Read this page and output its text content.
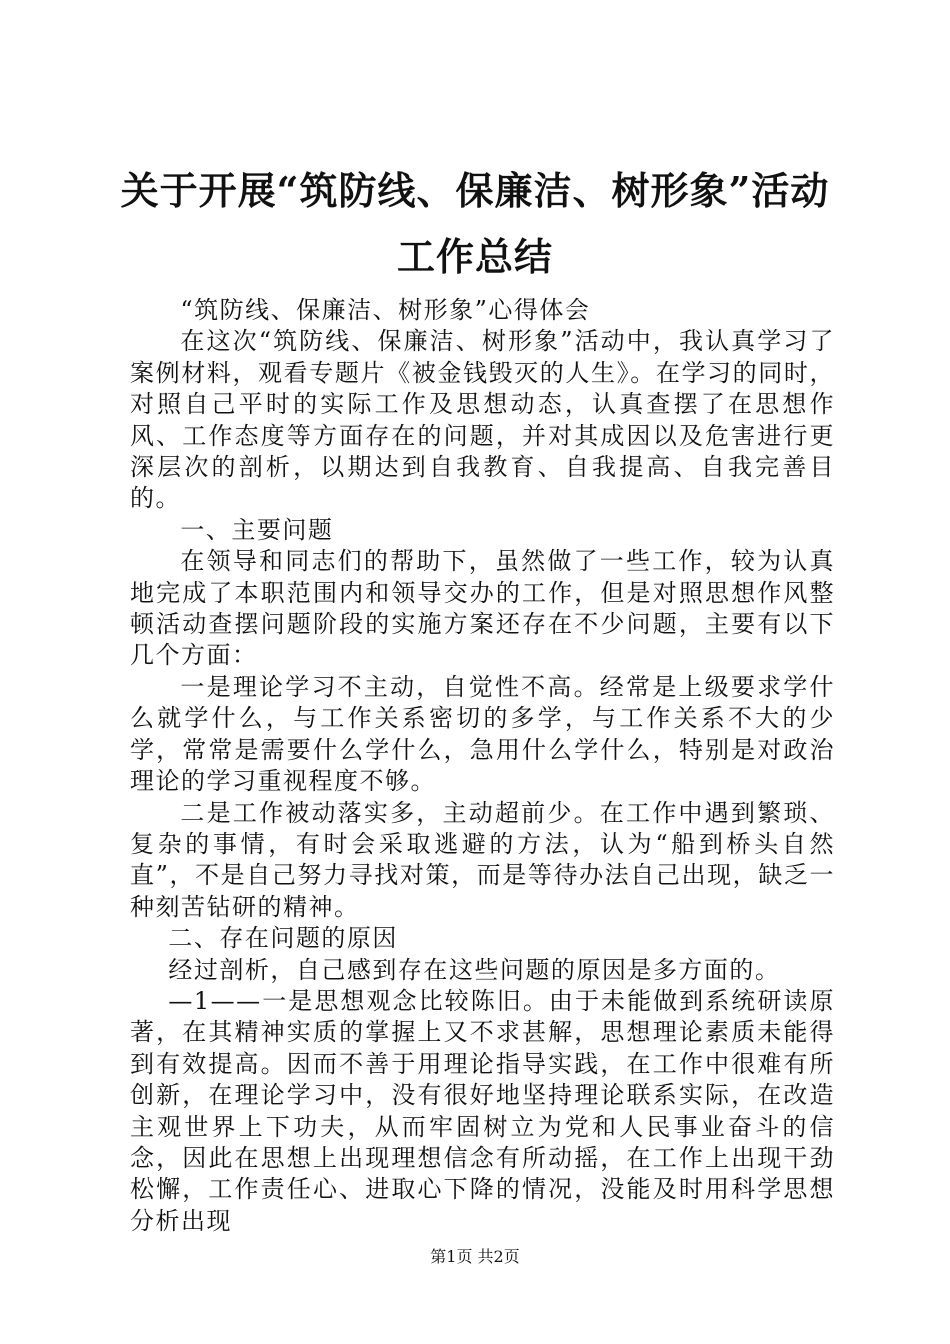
关于开展“筑防线、保廉洁、树形象”活动工作总结

“筑防线、保廉洁、树形象”心得体会

在这次“筑防线、保廉洁、树形象”活动中，我认真学习了案例材料，观看专题片《被金钱毁灭的人生》。在学习的同时，对照自己平时的实际工作及思想动态，认真查摆了在思想作风、工作态度等方面存在的问题，并对其成因以及危害进行更深层次的剖析，以期达到自我教育、自我提高、自我完善目的。

一、主要问题

在领导和同志们的帮助下，虽然做了一些工作，较为认真地完成了本职范围内和领导交办的工作，但是对照思想作风整顿活动查摆问题阶段的实施方案还存在不少问题，主要有以下几个方面：

一是理论学习不主动，自觉性不高。经常是上级要求学什么就学什么，与工作关系密切的多学，与工作关系不大的少学，常常是需要什么学什么，急用什么学什么，特别是对政治理论的学习重视程度不够。

二是工作被动落实多，主动超前少。在工作中遇到繁琐、复杂的事情，有时会采取逃避的方法，认为“船到桥头自然直”，不是自己努力寻找对策，而是等待办法自己出现，缺乏一种刻苦钻研的精神。

二、存在问题的原因

经过剖析，自己感到存在这些问题的原因是多方面的。

—1——一是思想观念比较陈旧。由于未能做到系统研读原著，在其精神实质的掌握上又不求甚解，思想理论素质未能得到有效提高。因而不善于用理论指导实践，在工作中很难有所创新，在理论学习中，没有很好地坚持理论联系实际，在改造主观世界上下功夫，从而牢固树立为党和人民事业奋斗的信念，因此在思想上出现理想信念有所动摇，在工作上出现干劲松懈，工作责任心、进取心下降的情况，没能及时用科学思想分析出现

第1页 共2页
